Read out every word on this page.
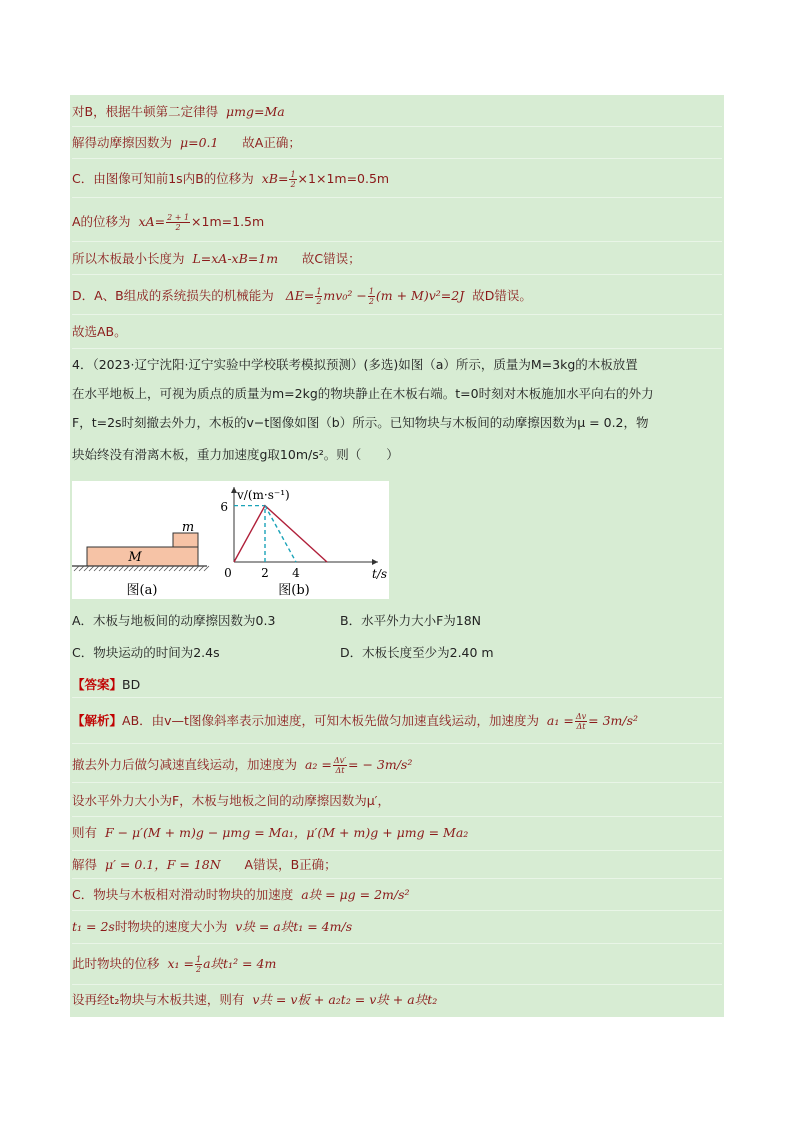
对B，根据牛顿第二定律得 μmg=Ma
解得动摩擦因数为 μ=0.1 故A正确；
C．由图像可知前1s内B的位移为 $xB= \frac{1}{2} \times 1\times 1m=0.5m$
A的位移为 $xA= \frac{2 + 1}{2} \times 1m=1.5m$
所以木板最小长度为 L=xA-xB=1m 故C错误；
D．A、B组成的系统损失的机械能为 $\Delta E= \frac{1}{2} mv_0^2 - \frac{1}{2} (m + M)v^2=2J$ 故D错误。
故选AB。
4．（2023·辽宁沈阳·辽宁实验中学校联考模拟预测）(多选)如图（a）所示，质量为M=3kg的木板放置
在水平地板上，可视为质点的质量为m=2kg的物块静止在木板右端。t=0时刻对木板施加水平向右的外力
F，t=2s时刻撤去外力，木板的v−t图像如图（b）所示。已知物块与木板间的动摩擦因数为μ = 0.2，物
块始终没有滑离木板，重力加速度g取10m/s²。则（　　）
M
m
图(a)
v/(m·s⁻¹)
t/s
6
0 2 4
图(b)
A．木板与地板间的动摩擦因数为0.3	B．水平外力大小F为18N
C．物块运动的时间为2.4s	D．木板长度至少为2.40 m
【答案】BD
【解析】AB．由v—t图像斜率表示加速度，可知木板先做匀加速直线运动，加速度为 $a_1 = \frac{\Delta v}{\Delta t} = 3m/s^2$
撤去外力后做匀减速直线运动，加速度为 $a_2 = \frac{\Delta v'}{\Delta t}$ = − 3m/s²
设水平外力大小为F，木板与地板之间的动摩擦因数为μ′，
则有 F − μ′(M + m)g − μmg = Ma₁，μ′(M + m)g + μmg = Ma₂
解得 μ′ = 0.1，F = 18N A错误，B正确；
C．物块与木板相对滑动时物块的加速度 a块 = μg = 2m/s²
t₁ = 2s时物块的速度大小为 v块 = a块t₁ = 4m/s
此时物块的位移 $x_1 = \frac{1}{2}$ a块t₁² = 4m
设再经t₂物块与木板共速，则有 v共 = v板 + a₂t₂ = v块 + a块t₂
